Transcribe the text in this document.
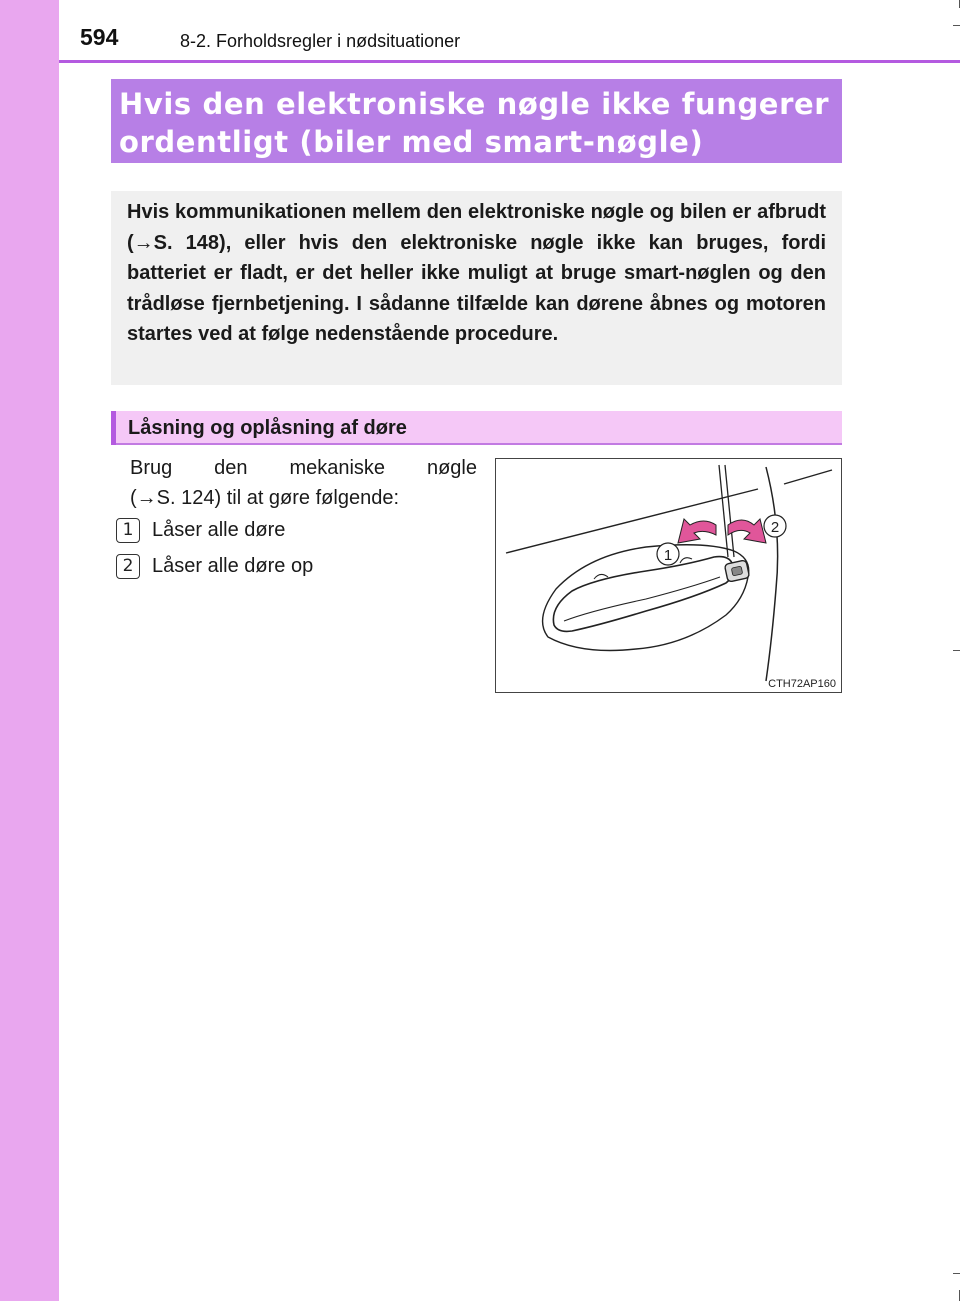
594	8-2. Forholdsregler i nødsituationer
Hvis den elektroniske nøgle ikke fungerer
ordentligt (biler med smart-nøgle)

Hvis kommunikationen mellem den elektroniske nøgle og bilen er afbrudt (→S. 148), eller hvis den elektroniske nøgle ikke kan bruges, fordi batteriet er fladt, er det heller ikke muligt at bruge smart-nøglen og den trådløse fjernbetjening. I sådanne tilfælde kan dørene åbnes og motoren startes ved at følge nedenstående procedure.

Låsning og oplåsning af døre
Brug den mekaniske nøgle
(→S. 124) til at gøre følgende:
1 Låser alle døre
2 Låser alle døre op	1
2
CTH72AP160
